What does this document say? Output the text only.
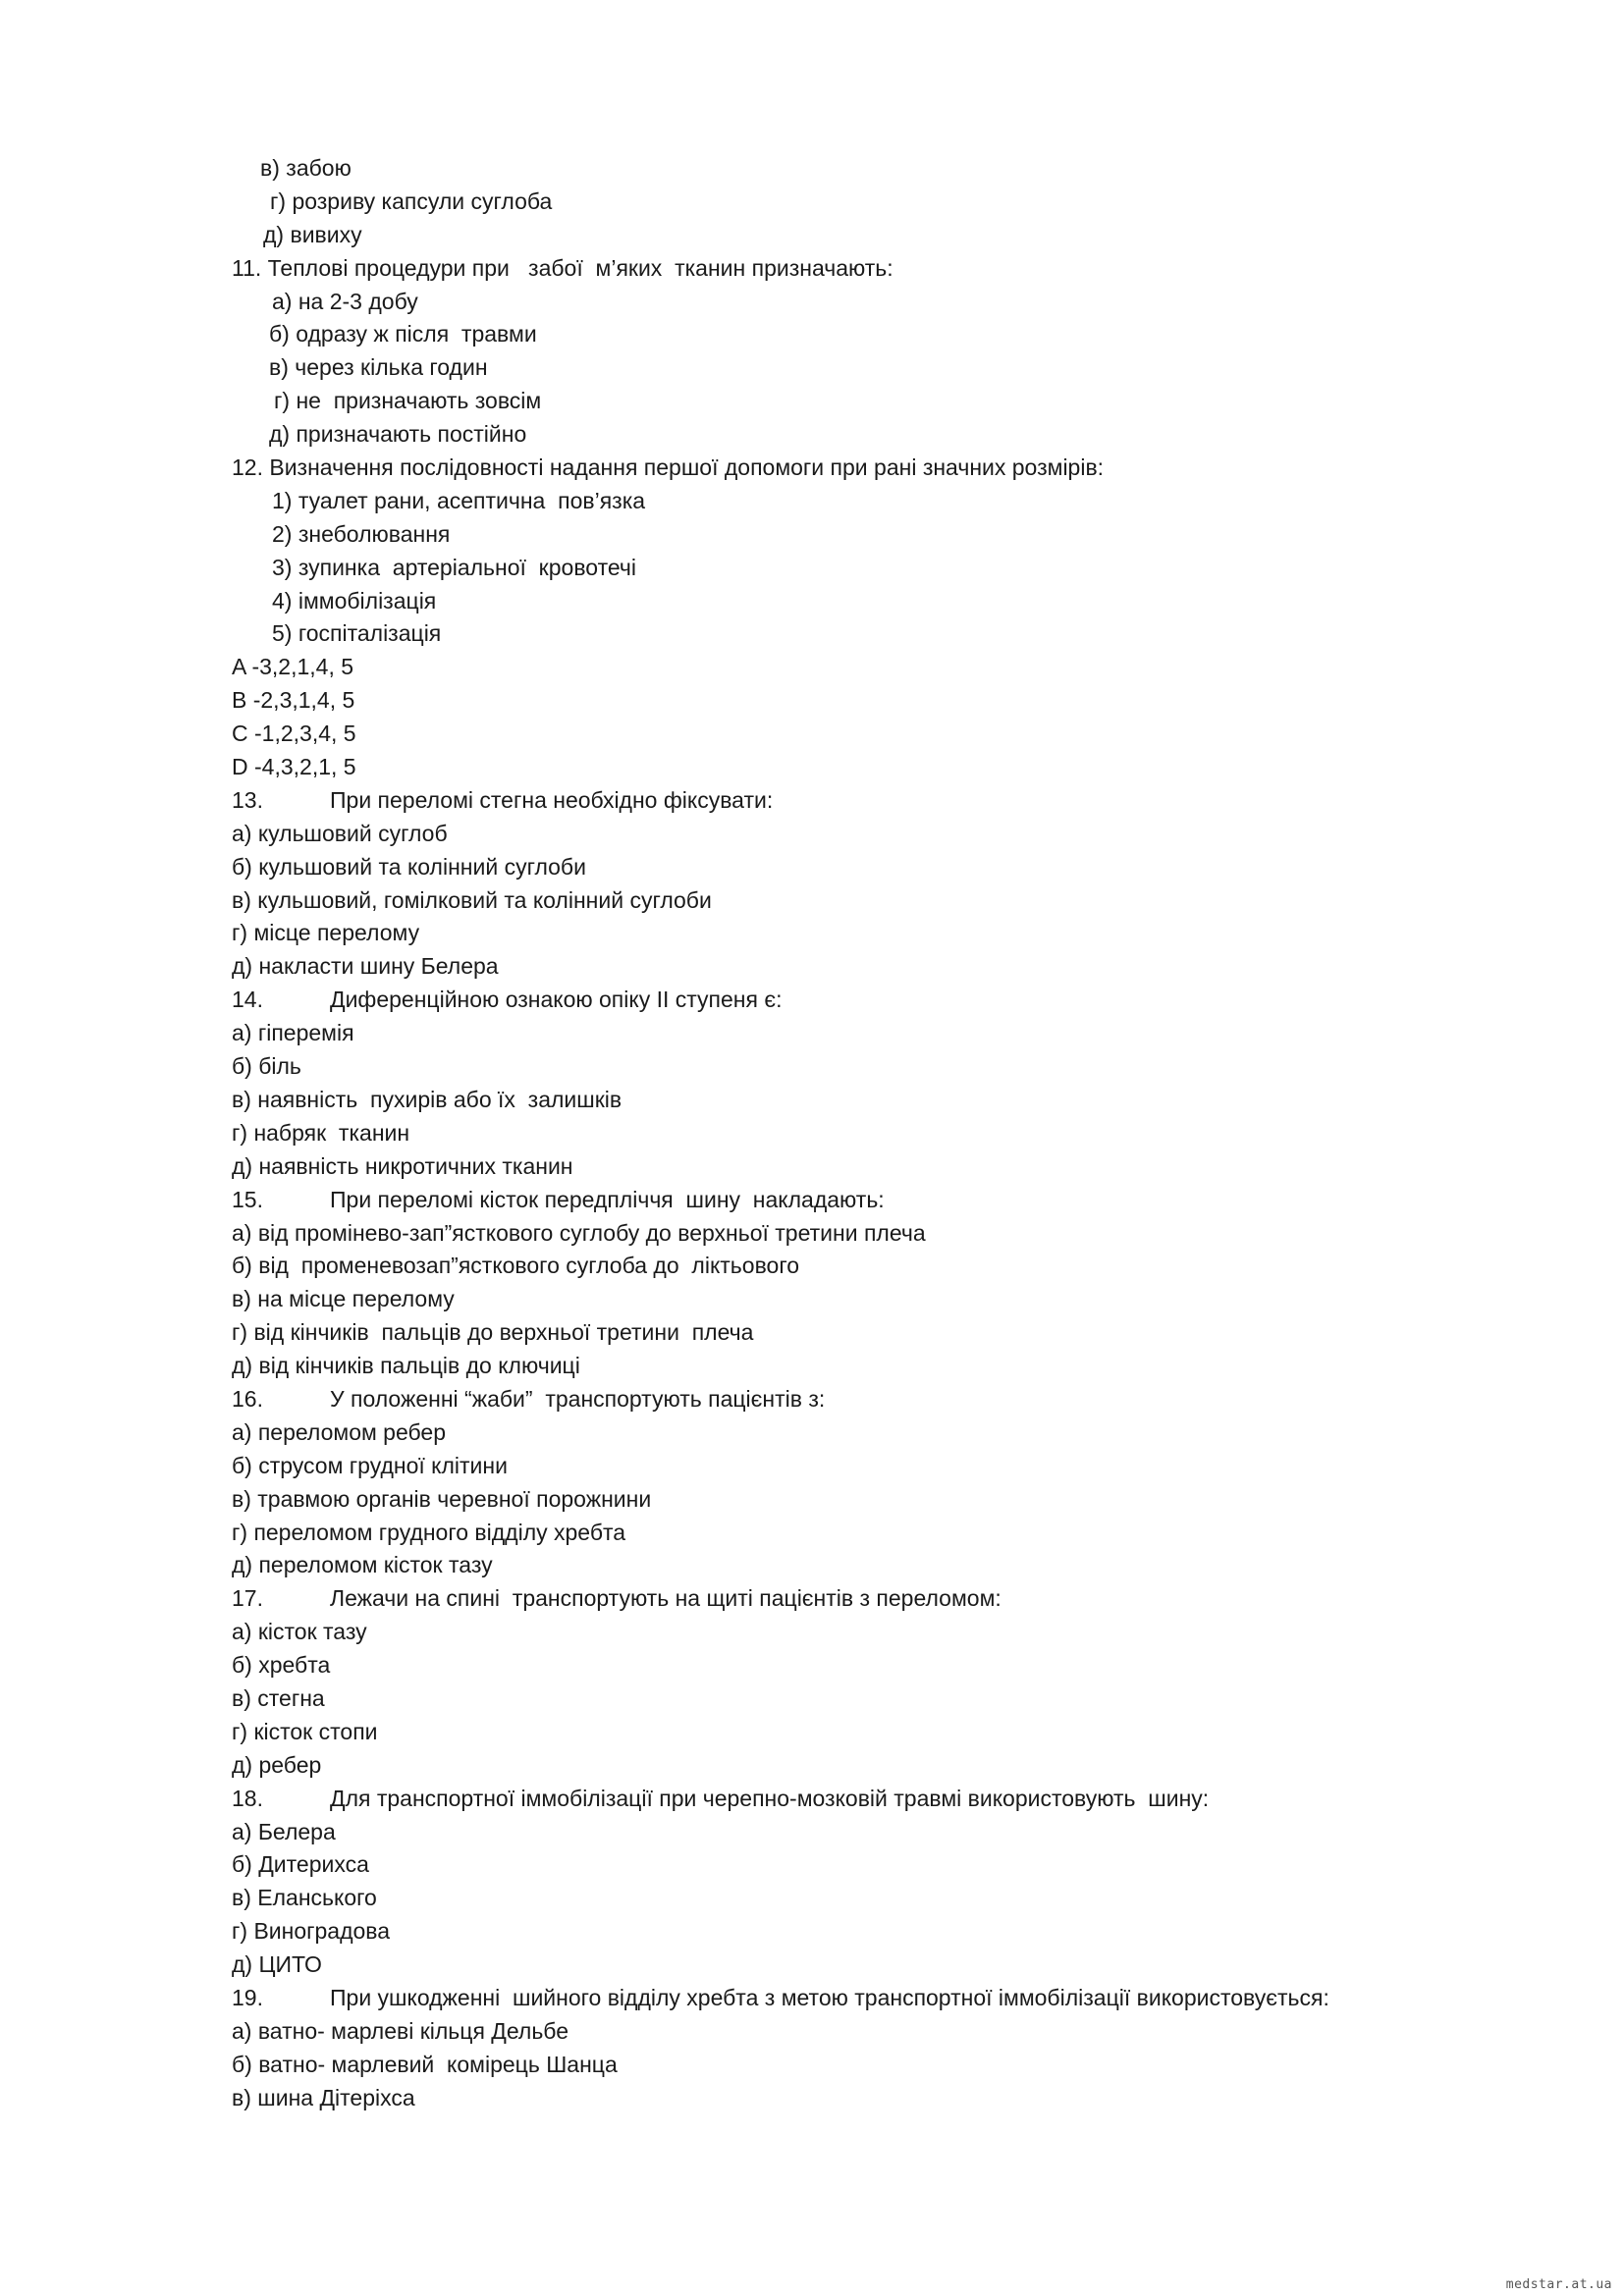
в) забою
г) розриву капсули суглоба
д) вивиху
11. Теплові процедури при   забої  м’яких  тканин призначають:
а) на 2-3 добу
б) одразу ж після  травми
в) через кілька годин
г) не  призначають зовсім
д) призначають постійно
12. Визначення послідовності надання першої допомоги при рані значних розмірів:
1) туалет рани, асептична  пов’язка
2) знеболювання
3) зупинка  артеріальної  кровотечі
4) іммобілізація
5) госпіталізація
A -3,2,1,4, 5
B -2,3,1,4, 5
C -1,2,3,4, 5
D -4,3,2,1, 5
13.	При переломі стегна необхідно фіксувати:
а) кульшовий суглоб
б) кульшовий та колінний суглоби
в) кульшовий, гомілковий та колінний суглоби
г) місце перелому
д) накласти шину Белера
14.	Диференційною ознакою опіку ІІ ступеня є:
а) гіперемія
б) біль
в) наявність  пухирів або їх  залишків
г) набряк  тканин
д) наявність никротичних тканин
15.	При переломі кісток передпліччя  шину  накладають:
а) від промінево-зап”ясткового суглобу до верхньої третини плеча
б) від  променевозап”ясткового суглоба до  ліктьового
в) на місце перелому
г) від кінчиків  пальців до верхньої третини  плеча
д) від кінчиків пальців до ключиці
16.	У положенні “жаби”  транспортують пацієнтів з:
а) переломом ребер
б) струсом грудної клітини
в) травмою органів черевної порожнини
г) переломом грудного відділу хребта
д) переломом кісток тазу
17.	Лежачи на спині  транспортують на щиті пацієнтів з переломом:
а) кісток тазу
б) хребта
в) стегна
г) кісток стопи
д) ребер
18.	Для транспортної іммобілізації при черепно-мозковій травмі використовують  шину:
а) Белера
б) Дитерихса
в) Еланського
г) Виноградова
д) ЦИТО
19.	При ушкодженні  шийного відділу хребта з метою транспортної іммобілізації використовується:
а) ватно- марлеві кільця Дельбе
б) ватно- марлевий  комірець Шанца
в) шина Дітеріхса
medstar.at.ua
